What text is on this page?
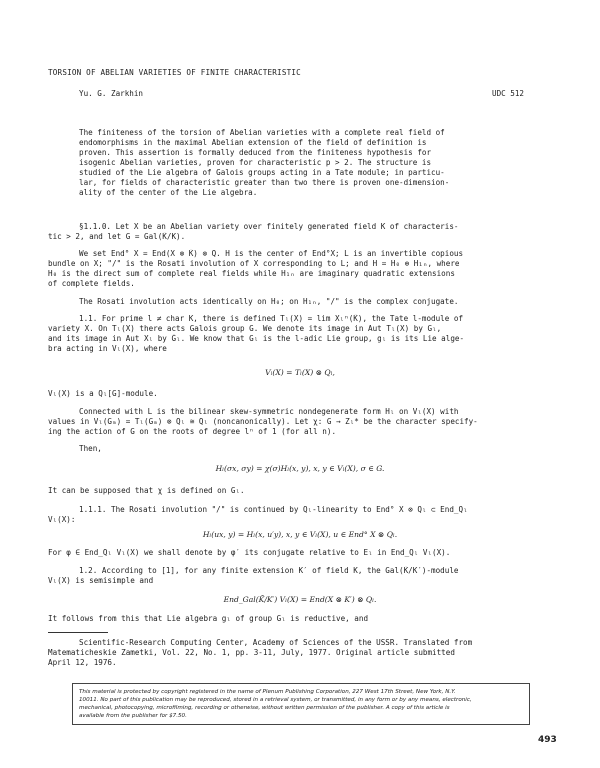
TORSION OF ABELIAN VARIETIES OF FINITE CHARACTERISTIC
Yu. G. Zarkhin	UDC 512
The finiteness of the torsion of Abelian varieties with a complete real field of
endomorphisms in the maximal Abelian extension of the field of definition is
proven. This assertion is formally deduced from the finiteness hypothesis for
isogenic Abelian varieties, proven for characteristic p > 2. The structure is
studied of the Lie algebra of Galois groups acting in a Tate module; in particu-
lar, for fields of characteristic greater than two there is proven one-dimension-
ality of the center of the Lie algebra.
§1.1.0. Let X be an Abelian variety over finitely generated field K of characteris-
tic > 2, and let G = Gal(K̄/K).
We set End° X = End(X ⊗ K̄) ⊗ Q. H is the center of End°X; L is an invertible copious
bundle on X; "/" is the Rosati involution of X corresponding to L; and H = H₀ ⊕ H₁ₙ, where
H₀ is the direct sum of complete real fields while H₁ₙ are imaginary quadratic extensions
of complete fields.
The Rosati involution acts identically on H₀; on H₁ₙ, "/" is the complex conjugate.
1.1. For prime l ≠ char K, there is defined Tₗ(X) = lim Xₗⁿ(K̄), the Tate l-module of
variety X. On Tₗ(X) there acts Galois group G. We denote its image in Aut Tₗ(X) by Gₗ,
and its image in Aut Xₗ by Ḡₗ. We know that Gₗ is the l-adic Lie group, gₗ is its Lie alge-
bra acting in Vₗ(X), where
Vₗ(X) = Tₗ(X) ⊗ Qₗ,
Vₗ(X) is a Qₗ[G]-module.
Connected with L is the bilinear skew-symmetric nondegenerate form Hₗ on Vₗ(X) with
values in Vₗ(Gₘ) = Tₗ(Gₘ) ⊗ Qₗ ≅ Qₗ (noncanonically). Let χ: G → Zₗ* be the character specify-
ing the action of G on the roots of degree lⁿ of 1 (for all n).
Then,
Hₗ(σx, σy) = χ(σ)Hₗ(x, y), x, y ∈ Vₗ(X), σ ∈ G.
It can be supposed that χ is defined on Gₗ.
1.1.1. The Rosati involution "/" is continued by Qₗ-linearity to End° X ⊗ Qₗ ⊂ End_Qₗ
Vₗ(X):
Hₗ(ux, y) = Hₗ(x, u′y), x, y ∈ Vₗ(X), u ∈ End° X ⊗ Qₗ.
For φ ∈ End_Qₗ Vₗ(X) we shall denote by φ′ its conjugate relative to Eₗ in End_Qₗ Vₗ(X).
1.2. According to [1], for any finite extension K′ of field K, the Gal(K̄/K′)-module
Vₗ(X) is semisimple and
End_Gal(K̄/K′) Vₗ(X) = End(X ⊗ K′) ⊗ Qₗ.
It follows from this that Lie algebra gₗ of group Gₗ is reductive, and
Scientific-Research Computing Center, Academy of Sciences of the USSR. Translated from
Matematicheskie Zametki, Vol. 22, No. 1, pp. 3-11, July, 1977. Original article submitted
April 12, 1976.
This material is protected by copyright registered in the name of Plenum Publishing Corporation, 227 West 17th Street, New York, N.Y.
10011. No part of this publication may be reproduced, stored in a retrieval system, or transmitted, in any form or by any means, electronic,
mechanical, photocopying, microfilming, recording or otherwise, without written permission of the publisher. A copy of this article is
available from the publisher for $7.50.
493
